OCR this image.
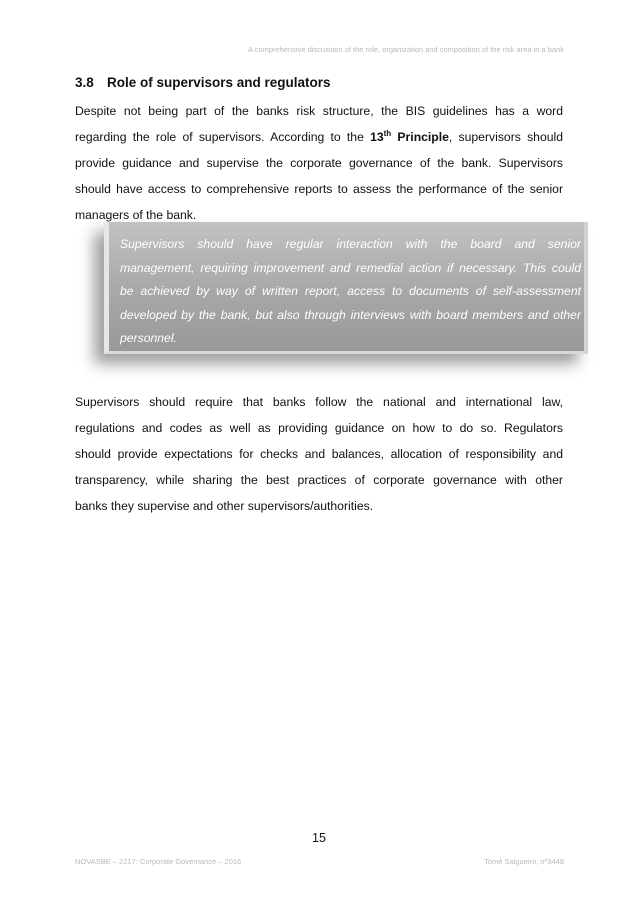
A comprehensive discussion of the role, organization and composition of the risk area in a bank
3.8 Role of supervisors and regulators

Despite not being part of the banks risk structure, the BIS guidelines has a word
regarding the role of supervisors. According to the 13th Principle, supervisors should
provide guidance and supervise the corporate governance of the bank. Supervisors
should have access to comprehensive reports to assess the performance of the senior
managers of the bank.

Supervisors should have regular interaction with the board and senior
management, requiring improvement and remedial action if necessary. This could
be achieved by way of written report, access to documents of self-assessment
developed by the bank, but also through interviews with board members and other
personnel.

Supervisors should require that banks follow the national and international law,
regulations and codes as well as providing guidance on how to do so. Regulators
should provide expectations for checks and balances, allocation of responsibility and
transparency, while sharing the best practices of corporate governance with other
banks they supervise and other supervisors/authorities.

15
NOVASBE – 2217: Corporate Governance – 2016	Tomé Salgueiro, nº3448
